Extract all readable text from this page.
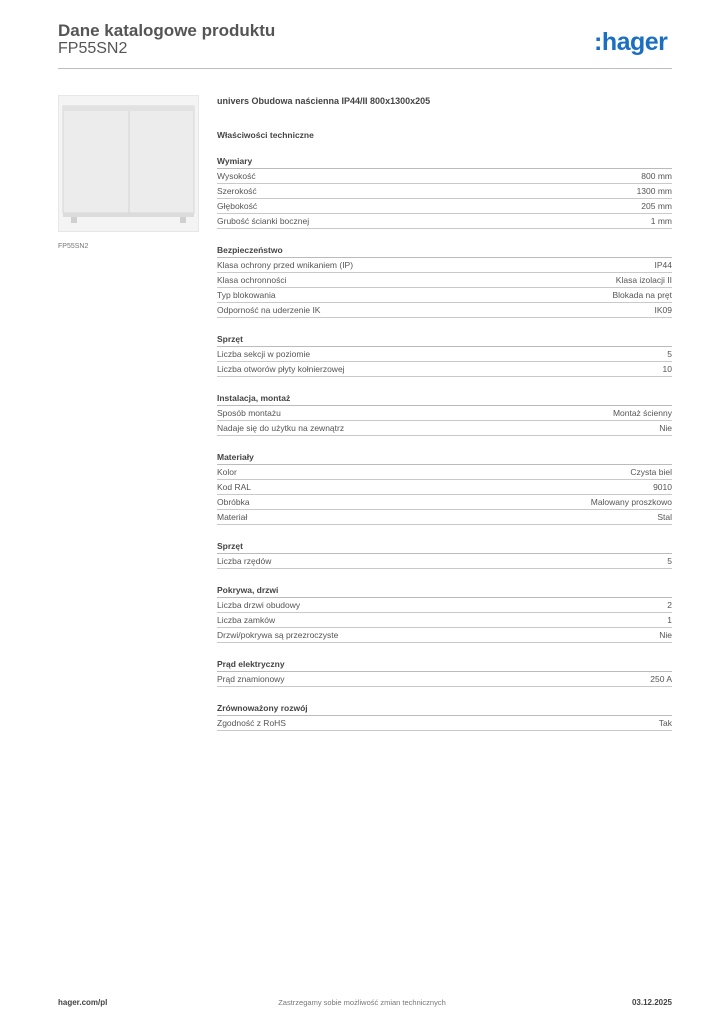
Dane katalogowe produktu
FP55SN2	:hager
FP55SN2
univers Obudowa naścienna IP44/II 800x1300x205
Właściwości techniczne
Wymiary
Wysokość	800 mm
Szerokość	1300 mm
Głębokość	205 mm
Grubość ścianki bocznej	1 mm
Bezpieczeństwo
Klasa ochrony przed wnikaniem (IP)	IP44
Klasa ochronności	Klasa izolacji II
Typ blokowania	Blokada na pręt
Odporność na uderzenie IK	IK09
Sprzęt
Liczba sekcji w poziomie	5
Liczba otworów płyty kołnierzowej	10
Instalacja, montaż
Sposób montażu	Montaż ścienny
Nadaje się do użytku na zewnątrz	Nie
Materiały
Kolor	Czysta biel
Kod RAL	9010
Obróbka	Malowany proszkowo
Materiał	Stal
Sprzęt
Liczba rzędów	5
Pokrywa, drzwi
Liczba drzwi obudowy	2
Liczba zamków	1
Drzwi/pokrywa są przezroczyste	Nie
Prąd elektryczny
Prąd znamionowy	250 A
Zrównoważony rozwój
Zgodność z RoHS	Tak
hager.com/pl	Zastrzegamy sobie możliwość zmian technicznych	03.12.2025
